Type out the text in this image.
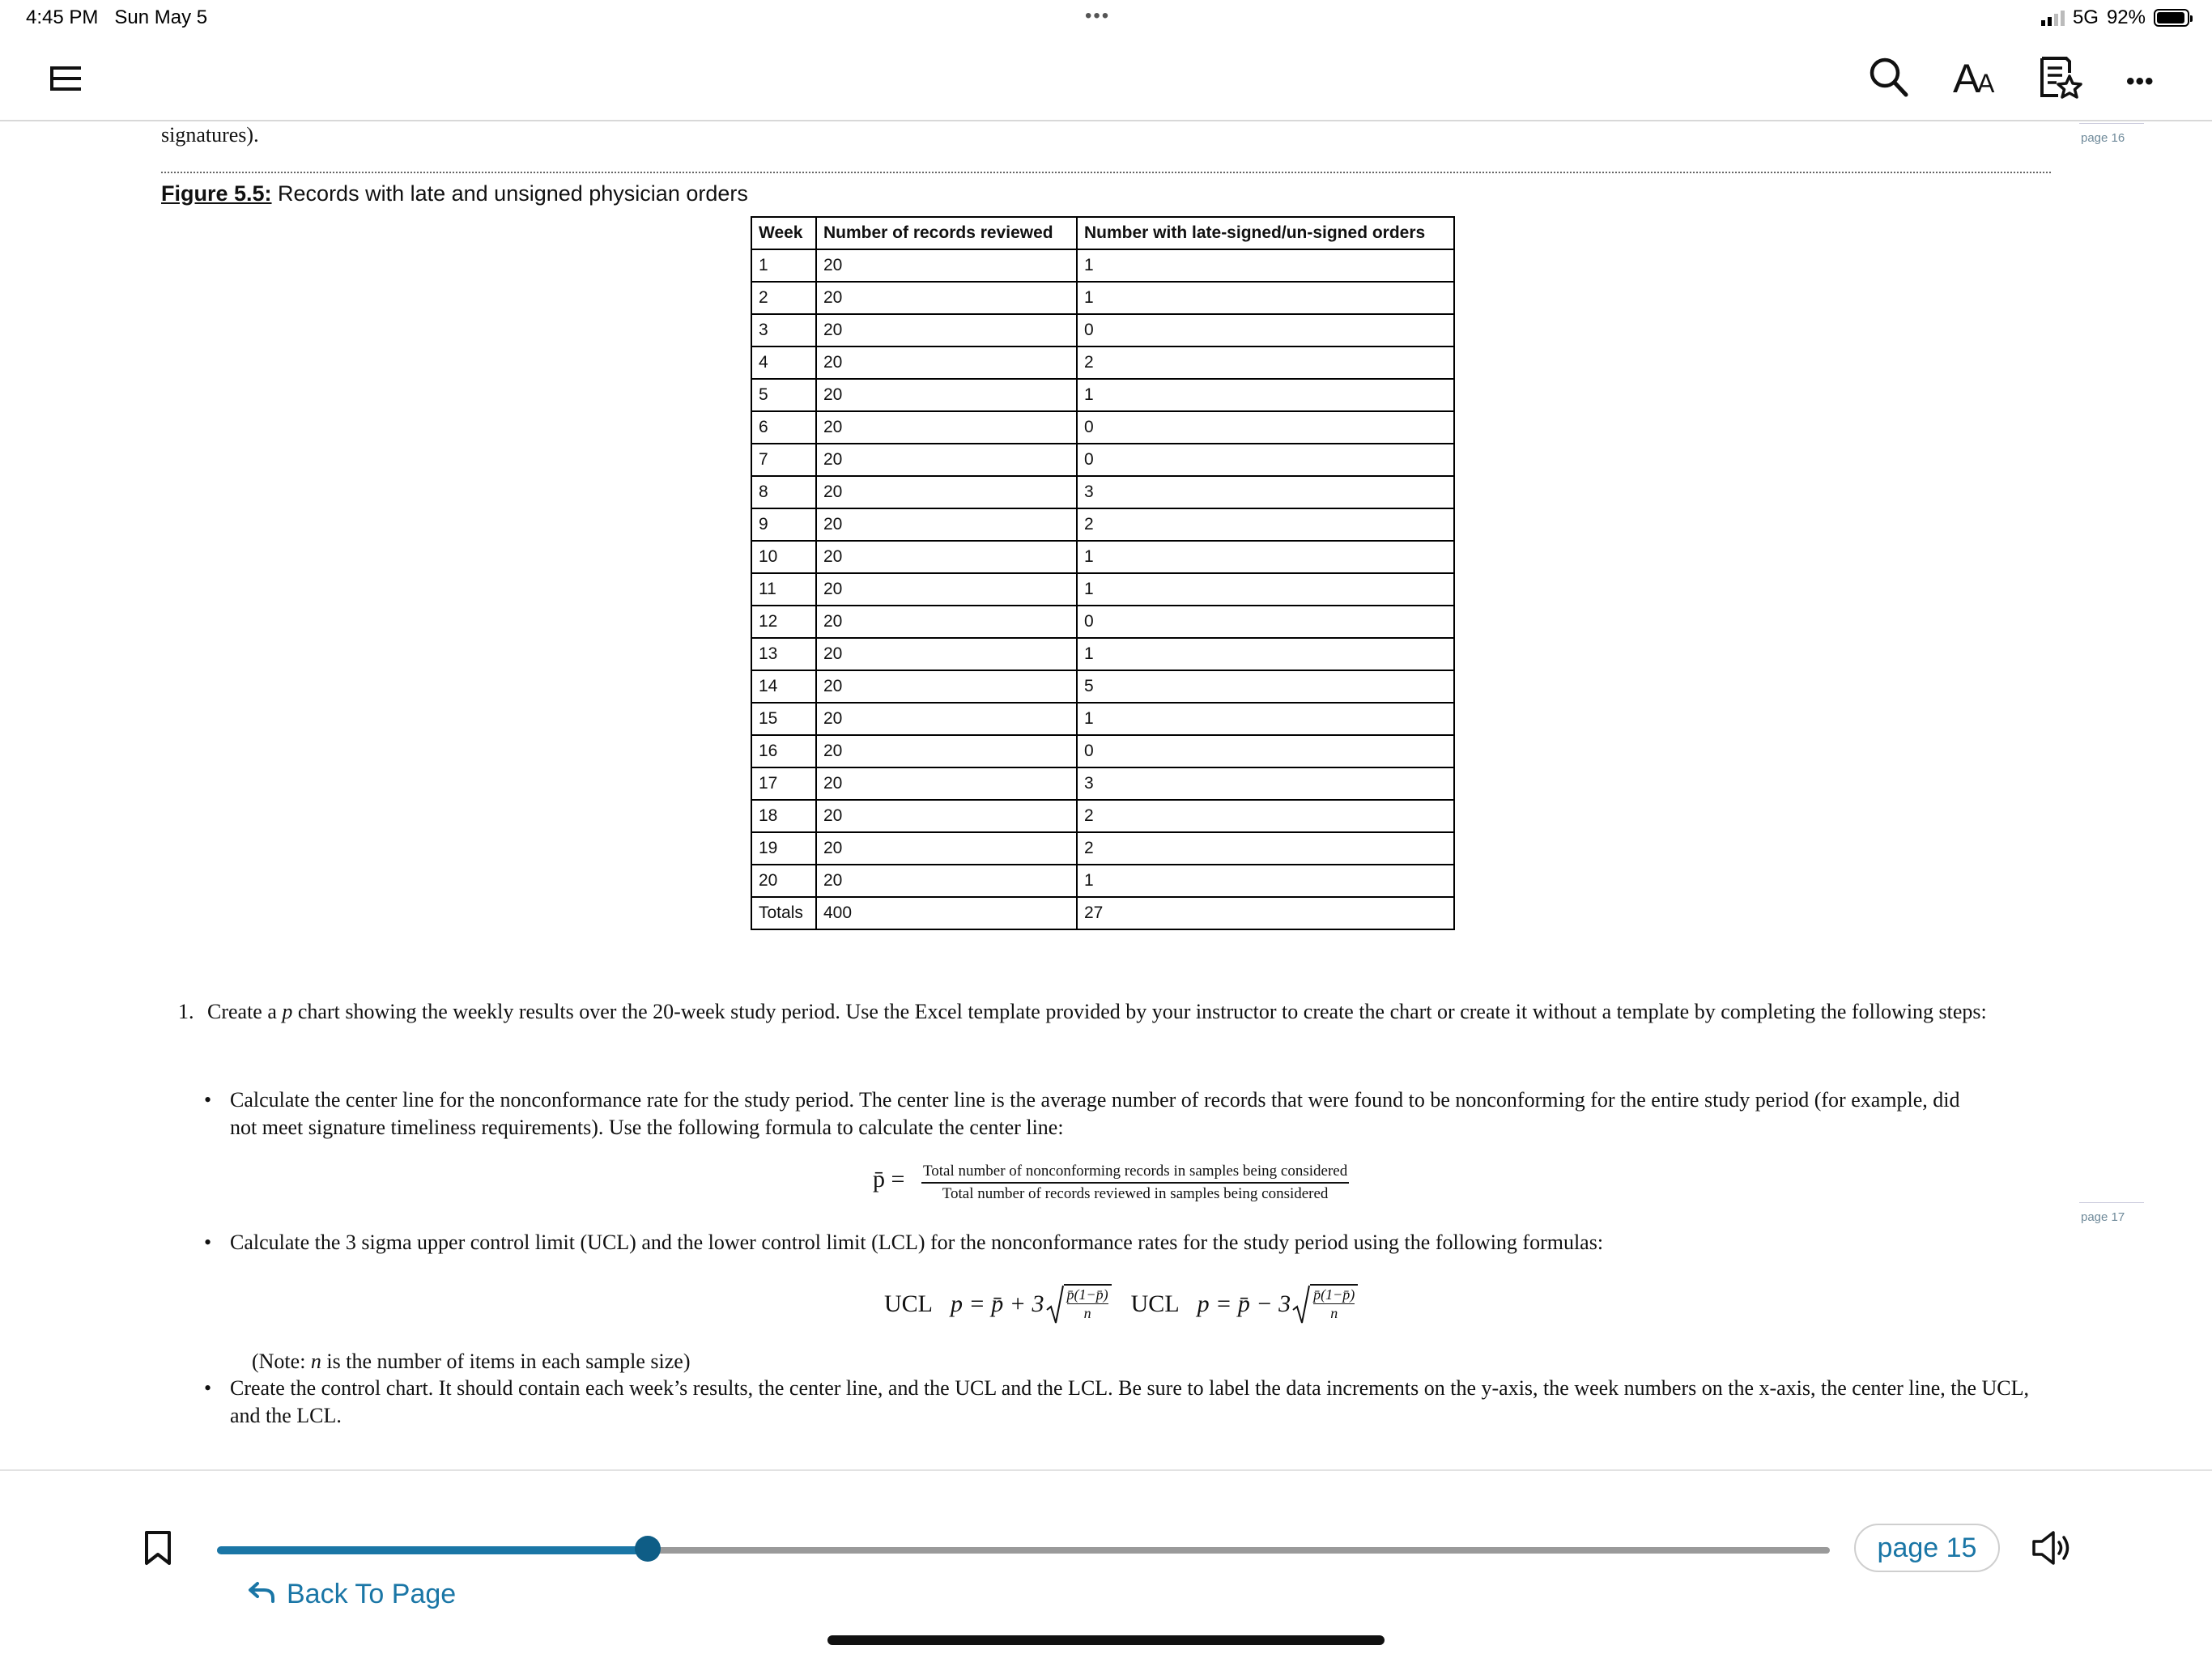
4:45 PM Sun May 5	•••	5G 92%
A
A	•••
signatures).	page 16
Figure 5.5: Records with late and unsigned physician orders
Week	Number of records reviewed	Number with late-signed/un-signed orders
1	20	1
2	20	1
3	20	0
4	20	2
5	20	1
6	20	0
7	20	0
8	20	3
9	20	2
10	20	1
11	20	1
12	20	0
13	20	1
14	20	5
15	20	1
16	20	0
17	20	3
18	20	2
19	20	2
20	20	1
Totals	400	27
1. Create a p chart showing the weekly results over the 20-week study period. Use the Excel template provided by your instructor to create the chart or create it without a template by completing the following steps:
• Calculate the center line for the nonconformance rate for the study period. The center line is the average number of records that were found to be nonconforming for the entire study period (for example, did not meet signature timeliness requirements). Use the following formula to calculate the center line:
p̄ = Total number of nonconforming records in samples being considered
Total number of records reviewed in samples being considered
page 17
• Calculate the 3 sigma upper control limit (UCL) and the lower control limit (LCL) for the nonconformance rates for the study period using the following formulas:
UCL p = p̄ + $3 \frac{p̄(1-p̄)}{n}$ UCL p = p̄ − $3 \frac{p̄(1-p̄)}{n}$
(Note: n is the number of items in each sample size)
• Create the control chart. It should contain each week’s results, the center line, and the UCL and the LCL. Be sure to label the data increments on the y-axis, the week numbers on the x-axis, the center line, the UCL, and the LCL.
page 15
Back To Page
